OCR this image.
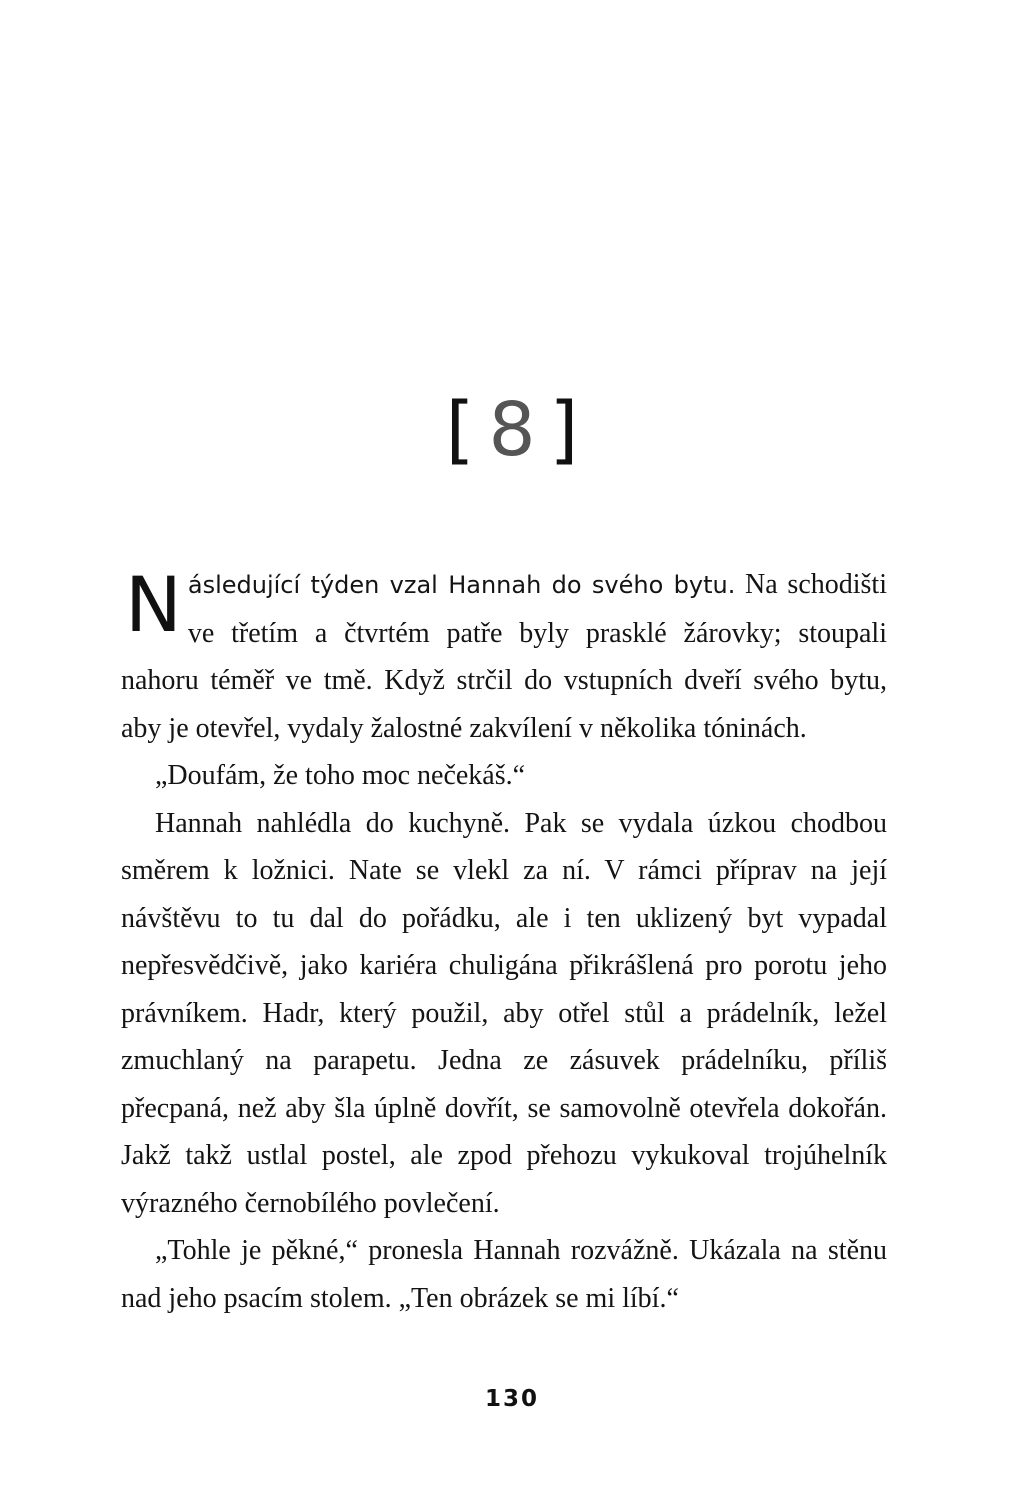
[ 8 ]

Následující týden vzal Hannah do svého bytu. Na schodišti ve třetím a čtvrtém patře byly prasklé žárovky; stoupali nahoru téměř ve tmě. Když strčil do vstupních dveří svého bytu, aby je otevřel, vydaly žalostné zakvílení v několika tóninách.

„Doufám, že toho moc nečekáš.“

Hannah nahlédla do kuchyně. Pak se vydala úzkou chodbou směrem k ložnici. Nate se vlekl za ní. V rámci příprav na její návštěvu to tu dal do pořádku, ale i ten uklizený byt vypadal nepřesvědčivě, jako kariéra chuligána přikrášlená pro porotu jeho právníkem. Hadr, který použil, aby otřel stůl a prádelník, ležel zmuchlaný na parapetu. Jedna ze zásuvek prádelníku, příliš přecpaná, než aby šla úplně dovřít, se samovolně otevřela dokořán. Jakž takž ustlal postel, ale zpod přehozu vykukoval trojúhelník výrazného černobílého povlečení.

„Tohle je pěkné,“ pronesla Hannah rozvážně. Ukázala na stěnu nad jeho psacím stolem. „Ten obrázek se mi líbí.“

130
